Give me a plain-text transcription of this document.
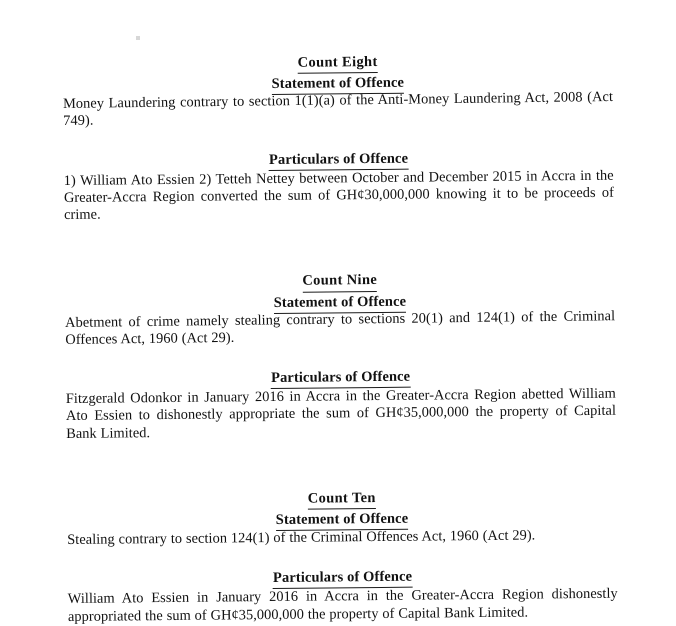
Count Eight
Statement of Offence

Money Laundering contrary to section 1(1)(a) of the Anti-Money Laundering Act, 2008 (Act 749).

Particulars of Offence

1) William Ato Essien 2) Tetteh Nettey between October and December 2015 in Accra in the Greater-Accra Region converted the sum of GH¢30,000,000 knowing it to be proceeds of crime.

Count Nine
Statement of Offence

Abetment of crime namely stealing contrary to sections 20(1) and 124(1) of the Criminal Offences Act, 1960 (Act 29).

Particulars of Offence

Fitzgerald Odonkor in January 2016 in Accra in the Greater-Accra Region abetted William Ato Essien to dishonestly appropriate the sum of GH¢35,000,000 the property of Capital Bank Limited.

Count Ten
Statement of Offence

Stealing contrary to section 124(1) of the Criminal Offences Act, 1960 (Act 29).

Particulars of Offence

William Ato Essien in January 2016 in Accra in the Greater-Accra Region dishonestly appropriated the sum of GH¢35,000,000 the property of Capital Bank Limited.
